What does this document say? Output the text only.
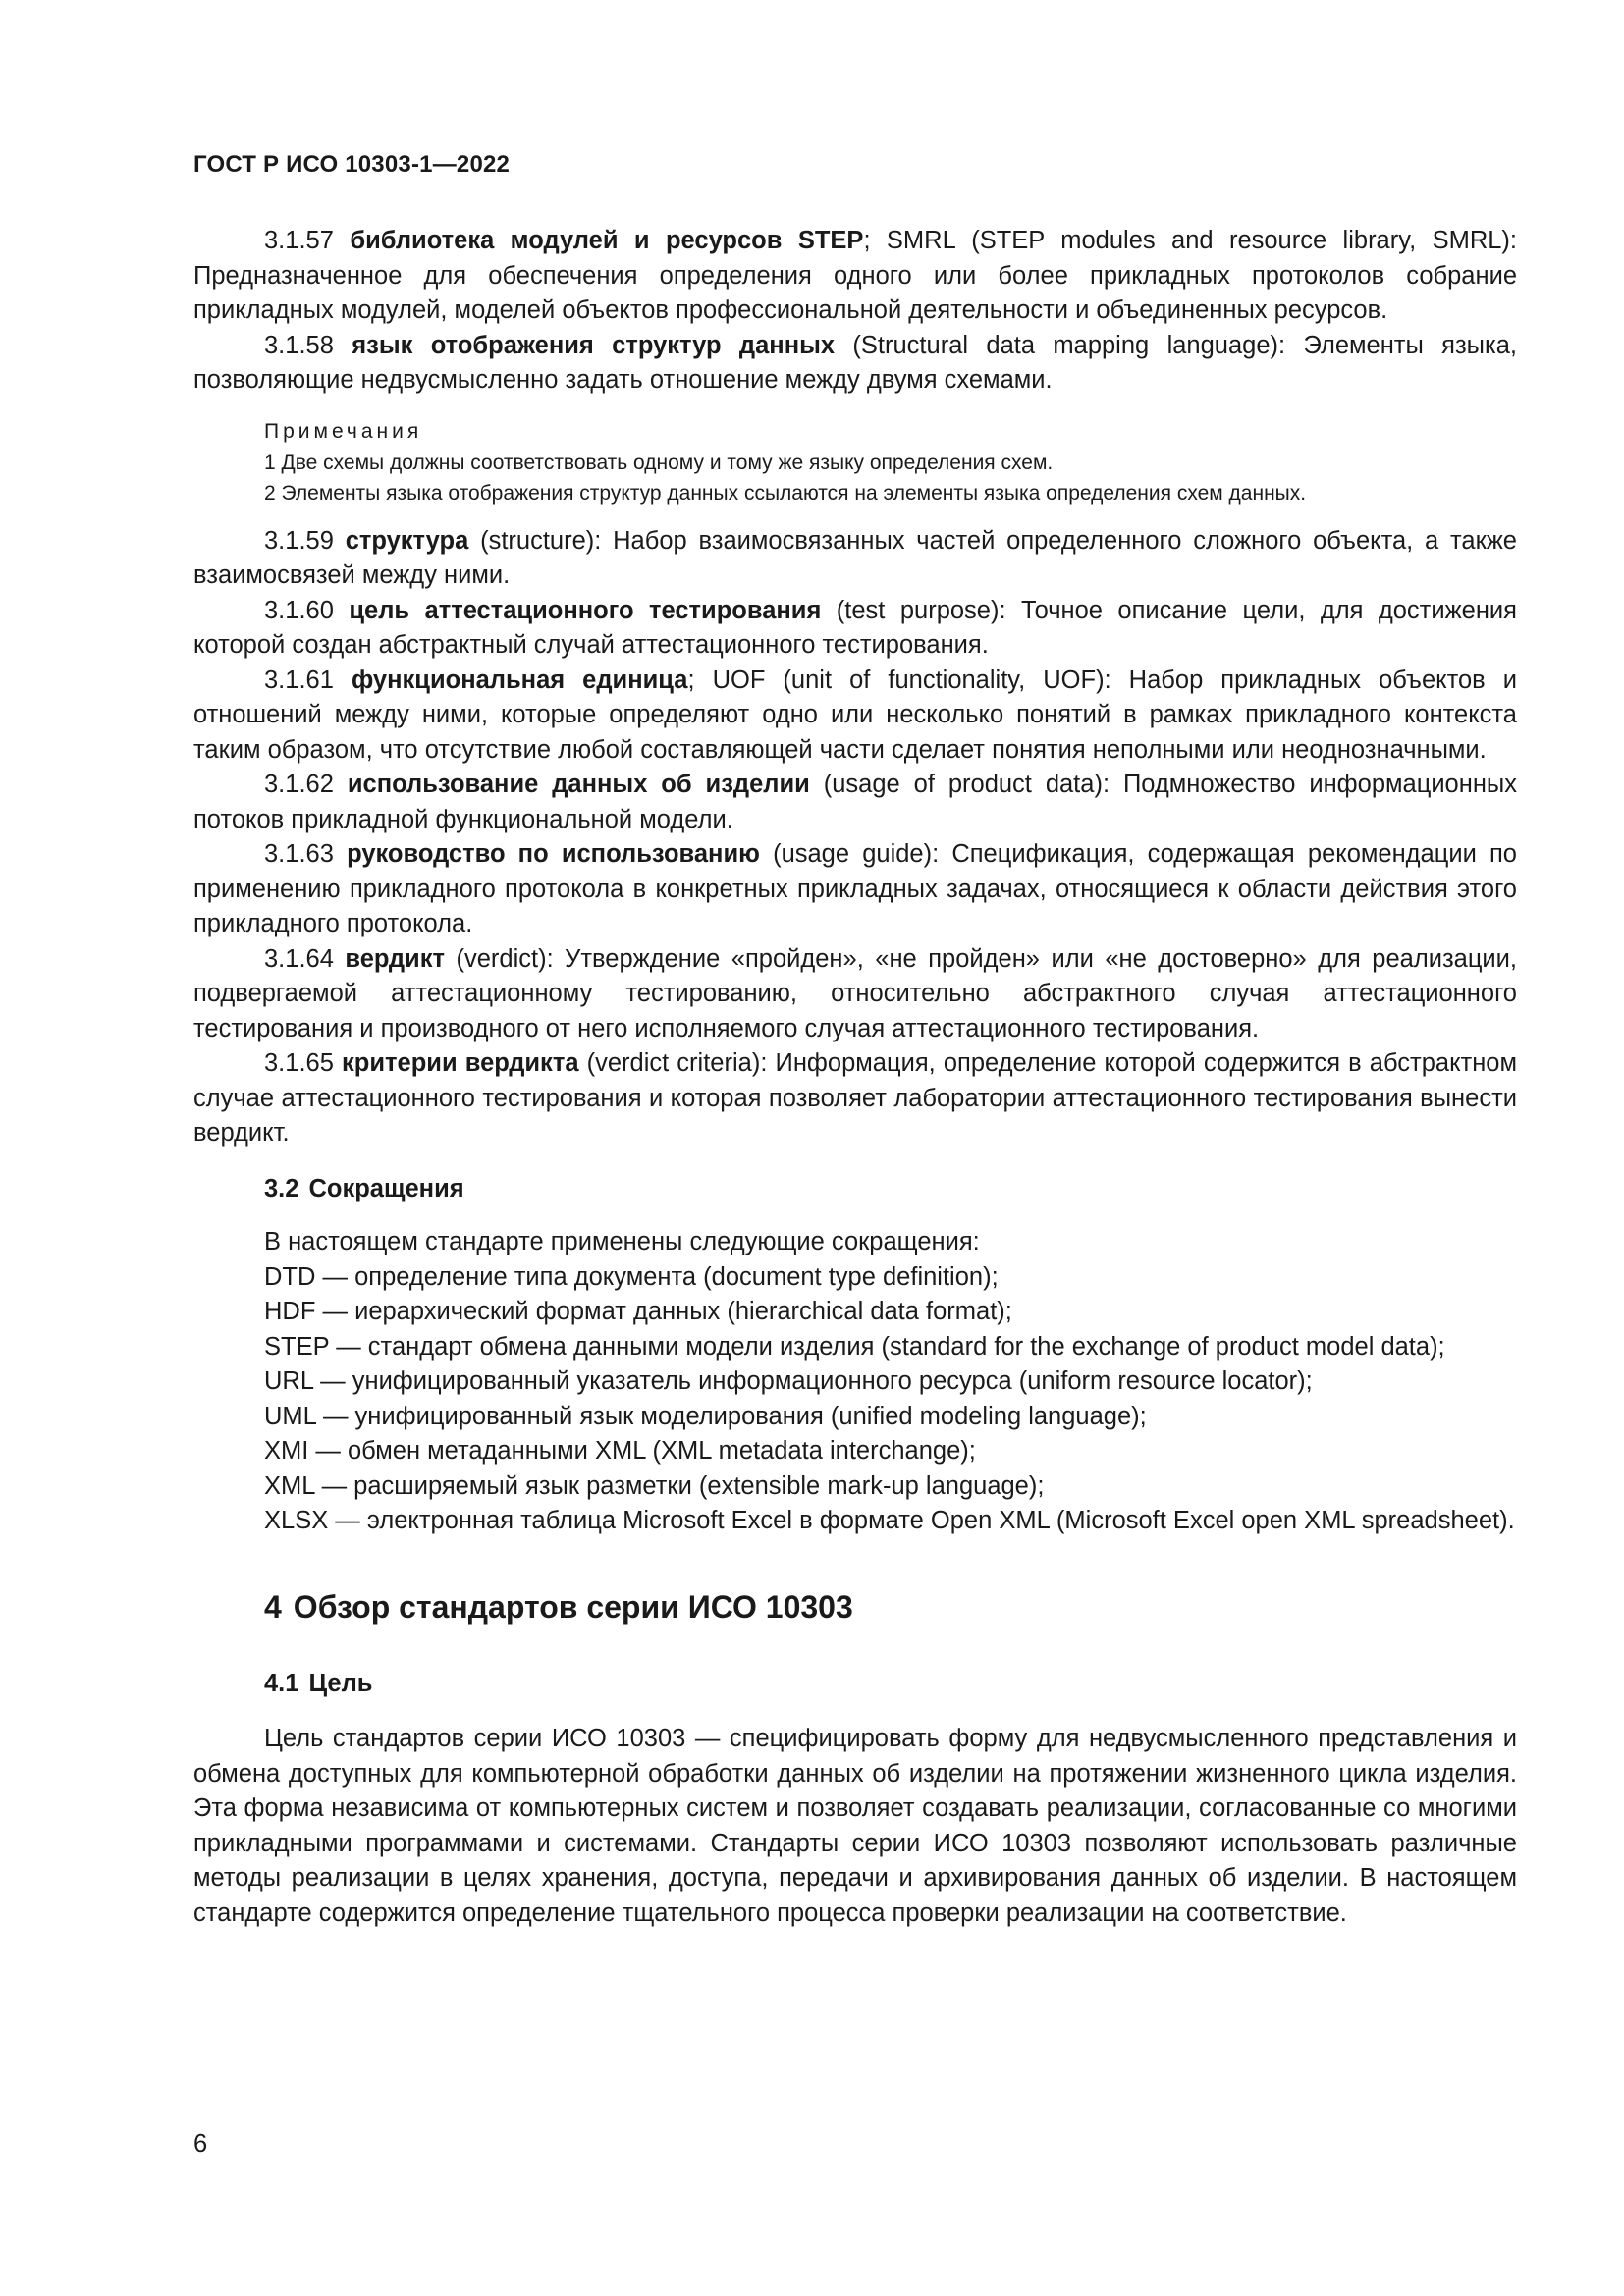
ГОСТ Р ИСО 10303-1—2022

3.1.57 библиотека модулей и ресурсов STEP; SMRL (STEP modules and resource library, SMRL): Предназначенное для обеспечения определения одного или более прикладных протоколов собрание прикладных модулей, моделей объектов профессиональной деятельности и объединенных ресурсов.

3.1.58 язык отображения структур данных (Structural data mapping language): Элементы языка, позволяющие недвусмысленно задать отношение между двумя схемами.

Примечания
1 Две схемы должны соответствовать одному и тому же языку определения схем.
2 Элементы языка отображения структур данных ссылаются на элементы языка определения схем данных.

3.1.59 структура (structure): Набор взаимосвязанных частей определенного сложного объекта, а также взаимосвязей между ними.

3.1.60 цель аттестационного тестирования (test purpose): Точное описание цели, для достижения которой создан абстрактный случай аттестационного тестирования.

3.1.61 функциональная единица; UOF (unit of functionality, UOF): Набор прикладных объектов и отношений между ними, которые определяют одно или несколько понятий в рамках прикладного контекста таким образом, что отсутствие любой составляющей части сделает понятия неполными или неоднозначными.

3.1.62 использование данных об изделии (usage of product data): Подмножество информационных потоков прикладной функциональной модели.

3.1.63 руководство по использованию (usage guide): Спецификация, содержащая рекомендации по применению прикладного протокола в конкретных прикладных задачах, относящиеся к области действия этого прикладного протокола.

3.1.64 вердикт (verdict): Утверждение «пройден», «не пройден» или «не достоверно» для реализации, подвергаемой аттестационному тестированию, относительно абстрактного случая аттестационного тестирования и производного от него исполняемого случая аттестационного тестирования.

3.1.65 критерии вердикта (verdict criteria): Информация, определение которой содержится в абстрактном случае аттестационного тестирования и которая позволяет лаборатории аттестационного тестирования вынести вердикт.

3.2 Сокращения

В настоящем стандарте применены следующие сокращения:

DTD — определение типа документа (document type definition);

HDF — иерархический формат данных (hierarchical data format);

STEP — стандарт обмена данными модели изделия (standard for the exchange of product model data);

URL — унифицированный указатель информационного ресурса (uniform resource locator);

UML — унифицированный язык моделирования (unified modeling language);

XMI — обмен метаданными XML (XML metadata interchange);

XML — расширяемый язык разметки (extensible mark-up language);

XLSX — электронная таблица Microsoft Excel в формате Open XML (Microsoft Excel open XML spreadsheet).

4 Обзор стандартов серии ИСО 10303
4.1 Цель

Цель стандартов серии ИСО 10303 — специфицировать форму для недвусмысленного представления и обмена доступных для компьютерной обработки данных об изделии на протяжении жизненного цикла изделия. Эта форма независима от компьютерных систем и позволяет создавать реализации, согласованные со многими прикладными программами и системами. Стандарты серии ИСО 10303 позволяют использовать различные методы реализации в целях хранения, доступа, передачи и архивирования данных об изделии. В настоящем стандарте содержится определение тщательного процесса проверки реализации на соответствие.

6
